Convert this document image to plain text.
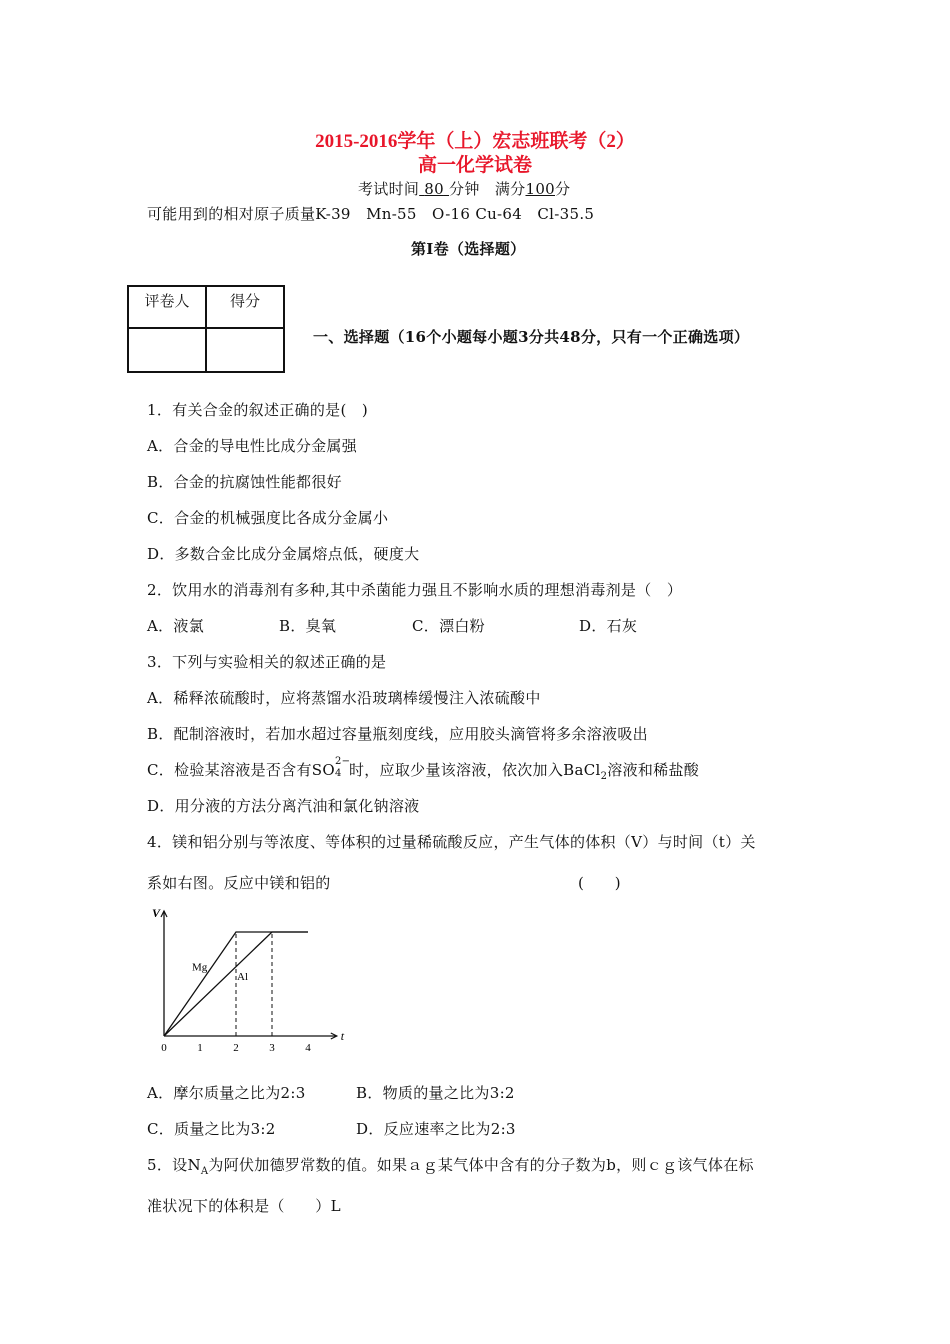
2015-2016学年（上）宏志班联考（2）
高一化学试卷
考试时间 80 分钟 满分100分
可能用到的相对原子质量K-39　Mn-55　O-16 Cu-64　Cl-35.5
第Ⅰ卷（选择题）
评卷人	得分

一、选择题（16个小题每小题3分共48分，只有一个正确选项）
1．有关合金的叙述正确的是(　)
A．合金的导电性比成分金属强
B．合金的抗腐蚀性能都很好
C．合金的机械强度比各成分金属小
D．多数合金比成分金属熔点低，硬度大
2．饮用水的消毒剂有多种,其中杀菌能力强且不影响水质的理想消毒剂是（　）
A．液氯	B．臭氧	C．漂白粉	D．石灰
3．下列与实验相关的叙述正确的是
A．稀释浓硫酸时，应将蒸馏水沿玻璃棒缓慢注入浓硫酸中
B．配制溶液时，若加水超过容量瓶刻度线，应用胶头滴管将多余溶液吸出
C．检验某溶液是否含有SO 2−
4 时，应取少量该溶液，依次加入BaCl$_2$溶液和稀盐酸
D．用分液的方法分离汽油和氯化钠溶液
4．镁和铝分别与等浓度、等体积的过量稀硫酸反应，产生气体的体积（V）与时间（t）关
系如右图。反应中镁和铝的	(　　)
0	1	2	3	4
V
t
Mg
Al
A．摩尔质量之比为2:3	B．物质的量之比为3:2
C．质量之比为3:2	D．反应速率之比为2:3
5．设$N_A$为阿伏加德罗常数的值。如果ａｇ某气体中含有的分子数为b，则ｃｇ该气体在标
准状况下的体积是（　　）L
